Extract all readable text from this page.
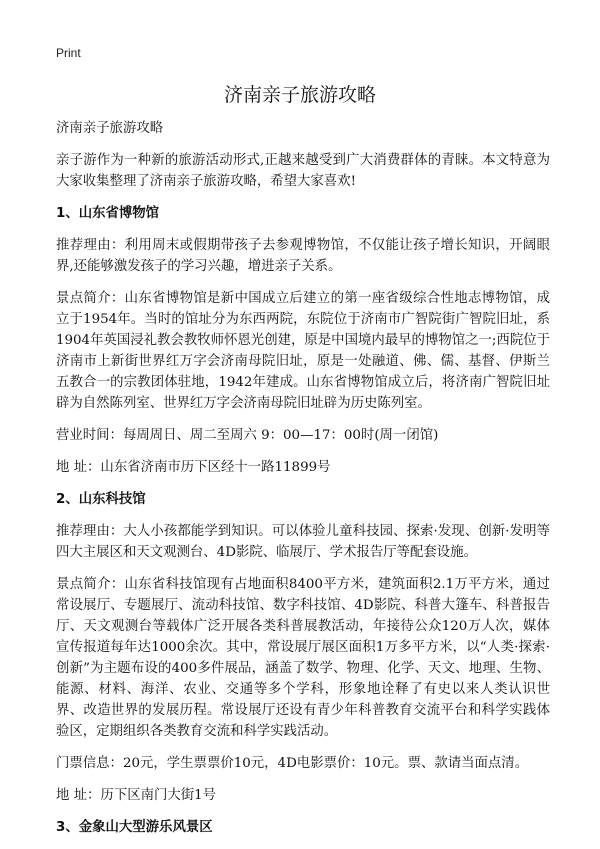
Print
济南亲子旅游攻略

济南亲子旅游攻略

亲子游作为一种新的旅游活动形式,正越来越受到广大消费群体的青睐。本文特意为大家收集整理了济南亲子旅游攻略，希望大家喜欢!

1、山东省博物馆

推荐理由：利用周末或假期带孩子去参观博物馆，不仅能让孩子增长知识，开阔眼界,还能够激发孩子的学习兴趣，增进亲子关系。

景点简介：山东省博物馆是新中国成立后建立的第一座省级综合性地志博物馆，成立于1954年。当时的馆址分为东西两院，东院位于济南市广智院街广智院旧址，系1904年英国浸礼教会教牧师怀恩光创建，原是中国境内最早的博物馆之一;西院位于济南市上新街世界红万字会济南母院旧址，原是一处融道、佛、儒、基督、伊斯兰五教合一的宗教团体驻地，1942年建成。山东省博物馆成立后，将济南广智院旧址辟为自然陈列室、世界红万字会济南母院旧址辟为历史陈列室。

营业时间：每周周日、周二至周六 9：00—17：00时(周一闭馆)

地 址：山东省济南市历下区经十一路11899号

2、山东科技馆

推荐理由：大人小孩都能学到知识。可以体验儿童科技园、探索·发现、创新·发明等四大主展区和天文观测台、4D影院、临展厅、学术报告厅等配套设施。

景点简介：山东省科技馆现有占地面积8400平方米，建筑面积2.1万平方米，通过常设展厅、专题展厅、流动科技馆、数字科技馆、4D影院、科普大篷车、科普报告厅、天文观测台等载体广泛开展各类科普展教活动，年接待公众120万人次，媒体宣传报道每年达1000余次。其中，常设展厅展区面积1万多平方米，以“人类·探索·创新”为主题布设的400多件展品，涵盖了数学、物理、化学、天文、地理、生物、能源、材料、海洋、农业、交通等多个学科，形象地诠释了有史以来人类认识世界、改造世界的发展历程。常设展厅还设有青少年科普教育交流平台和科学实践体验区，定期组织各类教育交流和科学实践活动。

门票信息：20元，学生票票价10元，4D电影票价：10元。票、款请当面点清。

地 址：历下区南门大街1号

3、金象山大型游乐风景区
